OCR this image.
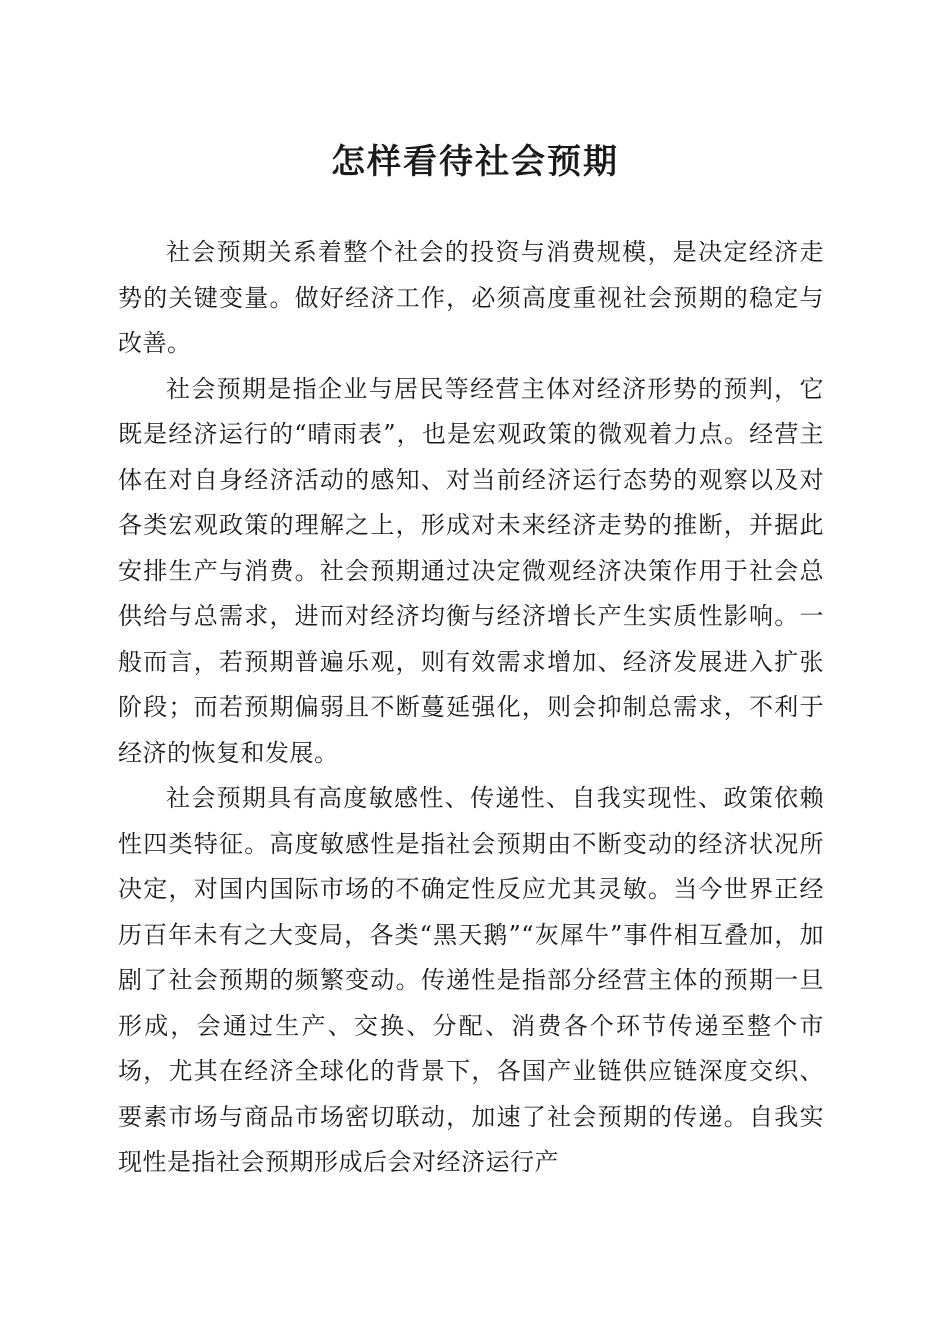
怎样看待社会预期

社会预期关系着整个社会的投资与消费规模，是决定经济走势的关键变量。做好经济工作，必须高度重视社会预期的稳定与改善。

社会预期是指企业与居民等经营主体对经济形势的预判，它既是经济运行的“晴雨表”，也是宏观政策的微观着力点。经营主体在对自身经济活动的感知、对当前经济运行态势的观察以及对各类宏观政策的理解之上，形成对未来经济走势的推断，并据此安排生产与消费。社会预期通过决定微观经济决策作用于社会总供给与总需求，进而对经济均衡与经济增长产生实质性影响。一般而言，若预期普遍乐观，则有效需求增加、经济发展进入扩张阶段；而若预期偏弱且不断蔓延强化，则会抑制总需求，不利于经济的恢复和发展。

社会预期具有高度敏感性、传递性、自我实现性、政策依赖性四类特征。高度敏感性是指社会预期由不断变动的经济状况所决定，对国内国际市场的不确定性反应尤其灵敏。当今世界正经历百年未有之大变局，各类“黑天鹅”“灰犀牛”事件相互叠加，加剧了社会预期的频繁变动。传递性是指部分经营主体的预期一旦形成，会通过生产、交换、分配、消费各个环节传递至整个市场，尤其在经济全球化的背景下，各国产业链供应链深度交织、要素市场与商品市场密切联动，加速了社会预期的传递。自我实现性是指社会预期形成后会对经济运行产
